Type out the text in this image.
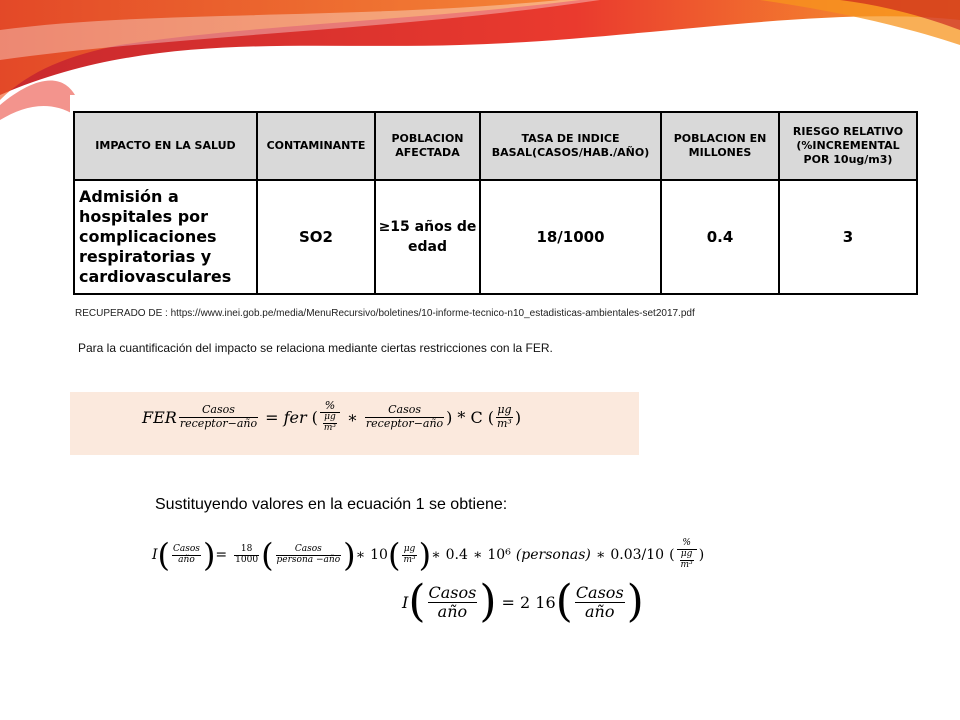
IMPACTO EN LA SALUD	CONTAMINANTE	POBLACION AFECTADA	TASA DE INDICE BASAL(CASOS/HAB./AÑO)	POBLACION EN MILLONES	RIESGO RELATIVO (%INCREMENTAL POR 10ug/m3)
Admisión a hospitales por complicaciones respiratorias y cardiovasculares	SO2	≥15 años de edad	18/1000	0.4	3
RECUPERADO DE : https://www.inei.gob.pe/media/MenuRecursivo/boletines/10-informe-tecnico-n10_estadisticas-ambientales-set2017.pdf
Para la cuantificación del impacto se relaciona mediante ciertas restricciones con la FER.
FER $\frac{\text{Casos}}{\text{receptor−año}}$ = fer ( $\frac{\%}{\frac{\mu g}{\text{m³}}}$ ∗ $\frac{\text{Casos}}{\text{receptor−año}}$ ) * C ( $\frac{\mu g}{\text{m³}}$ )
Sustituyendo valores en la ecuación 1 se obtiene:
I ( $\frac{\text{Casos}}{\text{año}}$ ) = $\frac{18}{1000}$ ( $\frac{\text{Casos}}{\text{persona −año}}$ ) ∗ 10 ( $\frac{\mu g}{\text{m³}}$ ) ∗ 0.4 ∗ 10⁶ (personas) ∗ 0.03/10 ( $\frac{\%}{\frac{\mu g}{\text{m³}}}$ )
I ( $\frac{\text{Casos}}{\text{año}}$ ) = 2 16 ( $\frac{\text{Casos}}{\text{año}}$ )
